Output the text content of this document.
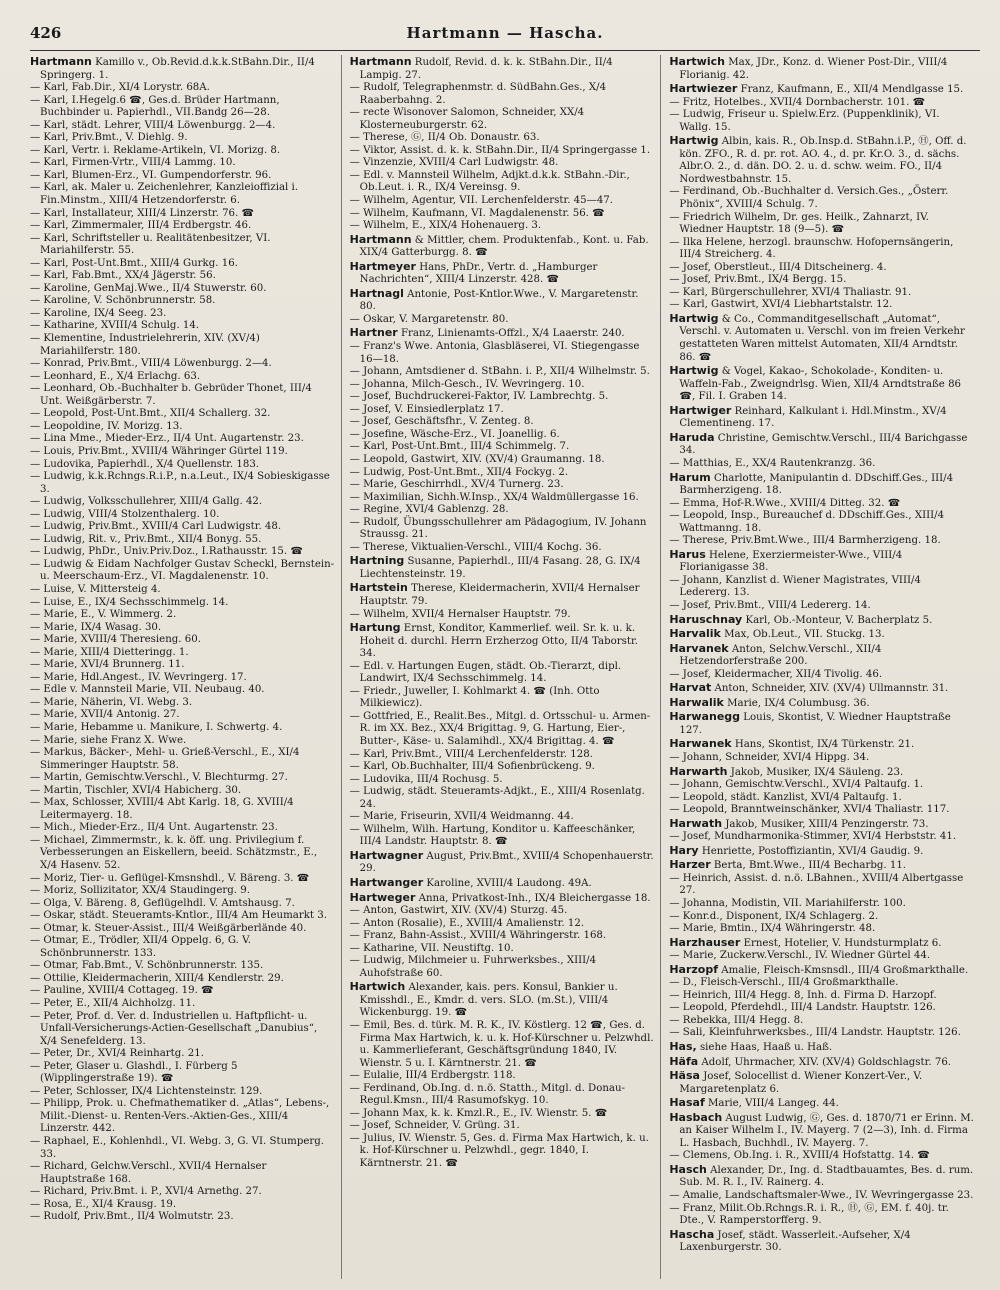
426	Hartmann — Hascha.

Hartmann Kamillo v., Ob.Revid.d.k.k.StBahn.Dir., II/4 Springerg. 1.

— Karl, Fab.Dir., XI/4 Lorystr. 68A.

— Karl, I.Hegelg.6 ☎, Ges.d. Brüder Hartmann, Buchbinder u. Papierhdl., VII.Bandg 26—28.

— Karl, städt. Lehrer, VIII/4 Löwenburgg. 2—4.

— Karl, Priv.Bmt., V. Diehlg. 9.

— Karl, Vertr. i. Reklame-Artikeln, VI. Morizg. 8.

— Karl, Firmen-Vrtr., VIII/4 Lammg. 10.

— Karl, Blumen-Erz., VI. Gumpendorferstr. 96.

— Karl, ak. Maler u. Zeichenlehrer, Kanzleioffizial i. Fin.Minstm., XIII/4 Hetzendorferstr. 6.

— Karl, Installateur, XIII/4 Linzerstr. 76. ☎

— Karl, Zimmermaler, III/4 Erdbergstr. 46.

— Karl, Schriftsteller u. Realitätenbesitzer, VI. Mariahilferstr. 55.

— Karl, Post-Unt.Bmt., XIII/4 Gurkg. 16.

— Karl, Fab.Bmt., XX/4 Jägerstr. 56.

— Karoline, GenMaj.Wwe., II/4 Stuwerstr. 60.

— Karoline, V. Schönbrunnerstr. 58.

— Karoline, IX/4 Seeg. 23.

— Katharine, XVIII/4 Schulg. 14.

— Klementine, Industrielehrerin, XIV. (XV/4) Mariahilferstr. 180.

— Konrad, Priv.Bmt., VIII/4 Löwenburgg. 2—4.

— Leonhard, E., X/4 Erlachg. 63.

— Leonhard, Ob.-Buchhalter b. Gebrüder Thonet, III/4 Unt. Weißgärberstr. 7.

— Leopold, Post-Unt.Bmt., XII/4 Schallerg. 32.

— Leopoldine, IV. Morizg. 13.

— Lina Mme., Mieder-Erz., II/4 Unt. Augartenstr. 23.

— Louis, Priv.Bmt., XVIII/4 Währinger Gürtel 119.

— Ludovika, Papierhdl., X/4 Quellenstr. 183.

— Ludwig, k.k.Rchngs.R.i.P., n.a.Leut., IX/4 Sobieskigasse 3.

— Ludwig, Volksschullehrer, XIII/4 Gallg. 42.

— Ludwig, VIII/4 Stolzenthalerg. 10.

— Ludwig, Priv.Bmt., XVIII/4 Carl Ludwigstr. 48.

— Ludwig, Rit. v., Priv.Bmt., XII/4 Bonyg. 55.

— Ludwig, PhDr., Univ.Priv.Doz., I.Rathausstr. 15. ☎

— Ludwig & Eidam Nachfolger Gustav Scheckl, Bernstein- u. Meerschaum-Erz., VI. Magdalenenstr. 10.

— Luise, V. Mittersteig 4.

— Luise, E., IX/4 Sechsschimmelg. 14.

— Marie, E., V. Wimmerg. 2.

— Marie, IX/4 Wasag. 30.

— Marie, XVIII/4 Theresieng. 60.

— Marie, XIII/4 Dietteringg. 1.

— Marie, XVI/4 Brunnerg. 11.

— Marie, Hdl.Angest., IV. Wevringerg. 17.

— Edle v. Mannsteil Marie, VII. Neubaug. 40.

— Marie, Näherin, VI. Webg. 3.

— Marie, XVII/4 Antonig. 27.

— Marie, Hebamme u. Manikure, I. Schwertg. 4.

— Marie, siehe Franz X. Wwe.

— Markus, Bäcker-, Mehl- u. Grieß-Verschl., E., XI/4 Simmeringer Hauptstr. 58.

— Martin, Gemischtw.Verschl., V. Blechturmg. 27.

— Martin, Tischler, XVI/4 Habicherg. 30.

— Max, Schlosser, XVIII/4 Abt Karlg. 18, G. XVIII/4 Leitermayerg. 18.

— Mich., Mieder-Erz., II/4 Unt. Augartenstr. 23.

— Michael, Zimmermstr., k. k. öff. ung. Privilegium f. Verbesserungen an Eiskellern, beeid. Schätzmstr., E., X/4 Hasenv. 52.

— Moriz, Tier- u. Geflügel-Kmsnshdl., V. Bäreng. 3. ☎

— Moriz, Sollizitator, XX/4 Staudingerg. 9.

— Olga, V. Bäreng. 8, Geflügelhdl. V. Amtshausg. 7.

— Oskar, städt. Steueramts-Kntlor., III/4 Am Heumarkt 3.

— Otmar, k. Steuer-Assist., III/4 Weißgärberlände 40.

— Otmar, E., Trödler, XII/4 Oppelg. 6, G. V. Schönbrunnerstr. 133.

— Otmar, Fab.Bmt., V. Schönbrunnerstr. 135.

— Ottilie, Kleidermacherin, XIII/4 Kendlerstr. 29.

— Pauline, XVIII/4 Cottageg. 19. ☎

— Peter, E., XII/4 Aichholzg. 11.

— Peter, Prof. d. Ver. d. Industriellen u. Haftpflicht- u. Unfall-Versicherungs-Actien-Gesellschaft „Danubius“, X/4 Senefelderg. 13.

— Peter, Dr., XVI/4 Reinhartg. 21.

— Peter, Glaser u. Glashdl., I. Fürberg 5 (Wipplingerstraße 19). ☎

— Peter, Schlosser, IX/4 Lichtensteinstr. 129.

— Philipp, Prok. u. Chefmathematiker d. „Atlas“, Lebens-, Milit.-Dienst- u. Renten-Vers.-Aktien-Ges., XIII/4 Linzerstr. 442.

— Raphael, E., Kohlenhdl., VI. Webg. 3, G. VI. Stumperg. 33.

— Richard, Gelchw.Verschl., XVII/4 Hernalser Hauptstraße 168.

— Richard, Priv.Bmt. i. P., XVI/4 Arnethg. 27.

— Rosa, E., XI/4 Krausg. 19.

— Rudolf, Priv.Bmt., II/4 Wolmutstr. 23.

Hartmann Rudolf, Revid. d. k. k. StBahn.Dir., II/4 Lampig. 27.

— Rudolf, Telegraphenmstr. d. SüdBahn.Ges., X/4 Raaberbahng. 2.

— recte Wisonover Salomon, Schneider, XX/4 Klosterneuburgerstr. 62.

— Therese, Ⓖ, II/4 Ob. Donaustr. 63.

— Viktor, Assist. d. k. k. StBahn.Dir., II/4 Springergasse 1.

— Vinzenzie, XVIII/4 Carl Ludwigstr. 48.

— Edl. v. Mannsteil Wilhelm, Adjkt.d.k.k. StBahn.-Dir., Ob.Leut. i. R., IX/4 Vereinsg. 9.

— Wilhelm, Agentur, VII. Lerchenfelderstr. 45—47.

— Wilhelm, Kaufmann, VI. Magdalenenstr. 56. ☎

— Wilhelm, E., XIX/4 Hohenauerg. 3.

Hartmann & Mittler, chem. Produktenfab., Kont. u. Fab. XIX/4 Gatterburgg. 8. ☎

Hartmeyer Hans, PhDr., Vertr. d. „Hamburger Nachrichten“, XIII/4 Linzerstr. 428. ☎

Hartnagl Antonie, Post-Kntlor.Wwe., V. Margaretenstr. 80.

— Oskar, V. Margaretenstr. 80.

Hartner Franz, Linienamts-Offzl., X/4 Laaerstr. 240.

— Franz's Wwe. Antonia, Glasbläserei, VI. Stiegengasse 16—18.

— Johann, Amtsdiener d. StBahn. i. P., XII/4 Wilhelmstr. 5.

— Johanna, Milch-Gesch., IV. Wevringerg. 10.

— Josef, Buchdruckerei-Faktor, IV. Lambrechtg. 5.

— Josef, V. Einsiedlerplatz 17.

— Josef, Geschäftsfhr., V. Zenteg. 8.

— Josefine, Wäsche-Erz., VI. Joanellig. 6.

— Karl, Post-Unt.Bmt., III/4 Schimmelg. 7.

— Leopold, Gastwirt, XIV. (XV/4) Graumanng. 18.

— Ludwig, Post-Unt.Bmt., XII/4 Fockyg. 2.

— Marie, Geschirrhdl., XV/4 Turnerg. 23.

— Maximilian, Sichh.W.Insp., XX/4 Waldmüllergasse 16.

— Regine, XVI/4 Gablenzg. 28.

— Rudolf, Übungsschullehrer am Pädagogium, IV. Johann Straussg. 21.

— Therese, Viktualien-Verschl., VIII/4 Kochg. 36.

Hartning Susanne, Papierhdl., III/4 Fasang. 28, G. IX/4 Liechtensteinstr. 19.

Hartstein Therese, Kleidermacherin, XVII/4 Hernalser Hauptstr. 79.

— Wilhelm, XVII/4 Hernalser Hauptstr. 79.

Hartung Ernst, Konditor, Kammerlief. weil. Sr. k. u. k. Hoheit d. durchl. Herrn Erzherzog Otto, II/4 Taborstr. 34.

— Edl. v. Hartungen Eugen, städt. Ob.-Tierarzt, dipl. Landwirt, IX/4 Sechsschimmelg. 14.

— Friedr., Juweller, I. Kohlmarkt 4. ☎ (Inh. Otto Milkiewicz).

— Gottfried, E., Realit.Bes., Mitgl. d. Ortsschul- u. Armen-R. im XX. Bez., XX/4 Brigittag. 9, G. Hartung, Eier-, Butter-, Käse- u. Salamihdl., XX/4 Brigittag. 4. ☎

— Karl, Priv.Bmt., VIII/4 Lerchenfelderstr. 128.

— Karl, Ob.Buchhalter, III/4 Sofienbrückeng. 9.

— Ludovika, III/4 Rochusg. 5.

— Ludwig, städt. Steueramts-Adjkt., E., XIII/4 Rosenlatg. 24.

— Marie, Friseurin, XVII/4 Weidmanng. 44.

— Wilhelm, Wilh. Hartung, Konditor u. Kaffeeschänker, III/4 Landstr. Hauptstr. 8. ☎

Hartwagner August, Priv.Bmt., XVIII/4 Schopenhauerstr. 29.

Hartwanger Karoline, XVIII/4 Laudong. 49A.

Hartweger Anna, Privatkost-Inh., IX/4 Bleichergasse 18.

— Anton, Gastwirt, XIV. (XV/4) Sturzg. 45.

— Anton (Rosalie), E., XVIII/4 Amalienstr. 12.

— Franz, Bahn-Assist., XVIII/4 Währingerstr. 168.

— Katharine, VII. Neustiftg. 10.

— Ludwig, Milchmeier u. Fuhrwerksbes., XIII/4 Auhofstraße 60.

Hartwich Alexander, kais. pers. Konsul, Bankier u. Kmisshdl., E., Kmdr. d. vers. SLO. (m.St.), VIII/4 Wickenburgg. 19. ☎

— Emil, Bes. d. türk. M. R. K., IV. Köstlerg. 12 ☎, Ges. d. Firma Max Hartwich, k. u. k. Hof-Kürschner u. Pelzwhdl. u. Kammerlieferant, Geschäftsgründung 1840, IV. Wienstr. 5 u. I. Kärntnerstr. 21. ☎

— Eulalie, III/4 Erdbergstr. 118.

— Ferdinand, Ob.Ing. d. n.ö. Statth., Mitgl. d. Donau-Regul.Kmsn., III/4 Rasumofskyg. 10.

— Johann Max, k. k. Kmzl.R., E., IV. Wienstr. 5. ☎

— Josef, Schneider, V. Grüng. 31.

— Julius, IV. Wienstr. 5, Ges. d. Firma Max Hartwich, k. u. k. Hof-Kürschner u. Pelzwhdl., gegr. 1840, I. Kärntnerstr. 21. ☎

Hartwich Max, JDr., Konz. d. Wiener Post-Dir., VIII/4 Florianig. 42.

Hartwiezer Franz, Kaufmann, E., XII/4 Mendlgasse 15.

— Fritz, Hotelbes., XVII/4 Dornbacherstr. 101. ☎

— Ludwig, Friseur u. Spielw.Erz. (Puppenklinik), VI. Wallg. 15.

Hartwig Albin, kais. R., Ob.Insp.d. StBahn.i.P., Ⓗ, Off. d. kön. ZFO., R. d. pr. rot. AO. 4., d. pr. Kr.O. 3., d. sächs. Albr.O. 2., d. dän. DO. 2. u. d. schw. weim. FO., II/4 Nordwestbahnstr. 15.

— Ferdinand, Ob.-Buchhalter d. Versich.Ges., „Österr. Phönix“, XVIII/4 Schulg. 7.

— Friedrich Wilhelm, Dr. ges. Heilk., Zahnarzt, IV. Wiedner Hauptstr. 18 (9—5). ☎

— Ilka Helene, herzogl. braunschw. Hofopernsängerin, III/4 Streicherg. 4.

— Josef, Oberstleut., III/4 Ditscheinerg. 4.

— Josef, Priv.Bmt., IX/4 Bergg. 15.

— Karl, Bürgerschullehrer, XVI/4 Thaliastr. 91.

— Karl, Gastwirt, XVI/4 Liebhartstalstr. 12.

Hartwig & Co., Commanditgesellschaft „Automat“, Verschl. v. Automaten u. Verschl. von im freien Verkehr gestatteten Waren mittelst Automaten, XII/4 Arndtstr. 86. ☎

Hartwig & Vogel, Kakao-, Schokolade-, Konditen- u. Waffeln-Fab., Zweigndrlsg. Wien, XII/4 Arndtstraße 86 ☎, Fil. I. Graben 14.

Hartwiger Reinhard, Kalkulant i. Hdl.Minstm., XV/4 Clementineng. 17.

Haruda Christine, Gemischtw.Verschl., III/4 Barichgasse 34.

— Matthias, E., XX/4 Rautenkranzg. 36.

Harum Charlotte, Manipulantin d. DDschiff.Ges., III/4 Barmherzigeng. 18.

— Emma, Hof-R.Wwe., XVIII/4 Ditteg. 32. ☎

— Leopold, Insp., Bureauchef d. DDschiff.Ges., XIII/4 Wattmanng. 18.

— Therese, Priv.Bmt.Wwe., III/4 Barmherzigeng. 18.

Harus Helene, Exerziermeister-Wwe., VIII/4 Florianigasse 38.

— Johann, Kanzlist d. Wiener Magistrates, VIII/4 Ledererg. 13.

— Josef, Priv.Bmt., VIII/4 Ledererg. 14.

Haruschnay Karl, Ob.-Monteur, V. Bacherplatz 5.

Harvalik Max, Ob.Leut., VII. Stuckg. 13.

Harvanek Anton, Selchw.Verschl., XII/4 Hetzendorferstraße 200.

— Josef, Kleidermacher, XII/4 Tivolig. 46.

Harvat Anton, Schneider, XIV. (XV/4) Ullmannstr. 31.

Harwalik Marie, IX/4 Columbusg. 36.

Harwanegg Louis, Skontist, V. Wiedner Hauptstraße 127.

Harwanek Hans, Skontist, IX/4 Türkenstr. 21.

— Johann, Schneider, XVI/4 Hippg. 34.

Harwarth Jakob, Musiker, IX/4 Säuleng. 23.

— Johann, Gemischtw.Verschl., XVI/4 Paltaufg. 1.

— Leopold, städt. Kanzlist, XVI/4 Paltaufg. 1.

— Leopold, Branntweinschänker, XVI/4 Thaliastr. 117.

Harwath Jakob, Musiker, XIII/4 Penzingerstr. 73.

— Josef, Mundharmonika-Stimmer, XVI/4 Herbststr. 41.

Hary Henriette, Postoffiziantin, XVI/4 Gaudig. 9.

Harzer Berta, Bmt.Wwe., III/4 Becharbg. 11.

— Heinrich, Assist. d. n.ö. LBahnen., XVIII/4 Albertgasse 27.

— Johanna, Modistin, VII. Mariahilferstr. 100.

— Konr.d., Disponent, IX/4 Schlagerg. 2.

— Marie, Bmtin., IX/4 Währingerstr. 48.

Harzhauser Ernest, Hotelier, V. Hundsturmplatz 6.

— Marie, Zuckerw.Verschl., IV. Wiedner Gürtel 44.

Harzopf Amalie, Fleisch-Kmsnsdl., III/4 Großmarkthalle.

— D., Fleisch-Verschl., III/4 Großmarkthalle.

— Heinrich, III/4 Hegg. 8, Inh. d. Firma D. Harzopf.

— Leopold, Pferdehdl., III/4 Landstr. Hauptstr. 126.

— Rebekka, III/4 Hegg. 8.

— Sali, Kleinfuhrwerksbes., III/4 Landstr. Hauptstr. 126.

Has, siehe Haas, Haaß u. Haß.

Häfa Adolf, Uhrmacher, XIV. (XV/4) Goldschlagstr. 76.

Häsa Josef, Solocellist d. Wiener Konzert-Ver., V. Margaretenplatz 6.

Hasaf Marie, VIII/4 Langeg. 44.

Hasbach August Ludwig, Ⓖ, Ges. d. 1870/71 er Erinn. M. an Kaiser Wilhelm I., IV. Mayerg. 7 (2—3), Inh. d. Firma L. Hasbach, Buchhdl., IV. Mayerg. 7.

— Clemens, Ob.Ing. i. R., XVIII/4 Hofstattg. 14. ☎

Hasch Alexander, Dr., Ing. d. Stadtbauamtes, Bes. d. rum. Sub. M. R. I., IV. Rainerg. 4.

— Amalie, Landschaftsmaler-Wwe., IV. Wevringergasse 23.

— Franz, Milit.Ob.Rchngs.R. i. R., Ⓗ, Ⓖ, EM. f. 40j. tr. Dte., V. Ramperstorfferg. 9.

Hascha Josef, städt. Wasserleit.-Aufseher, X/4 Laxenburgerstr. 30.
